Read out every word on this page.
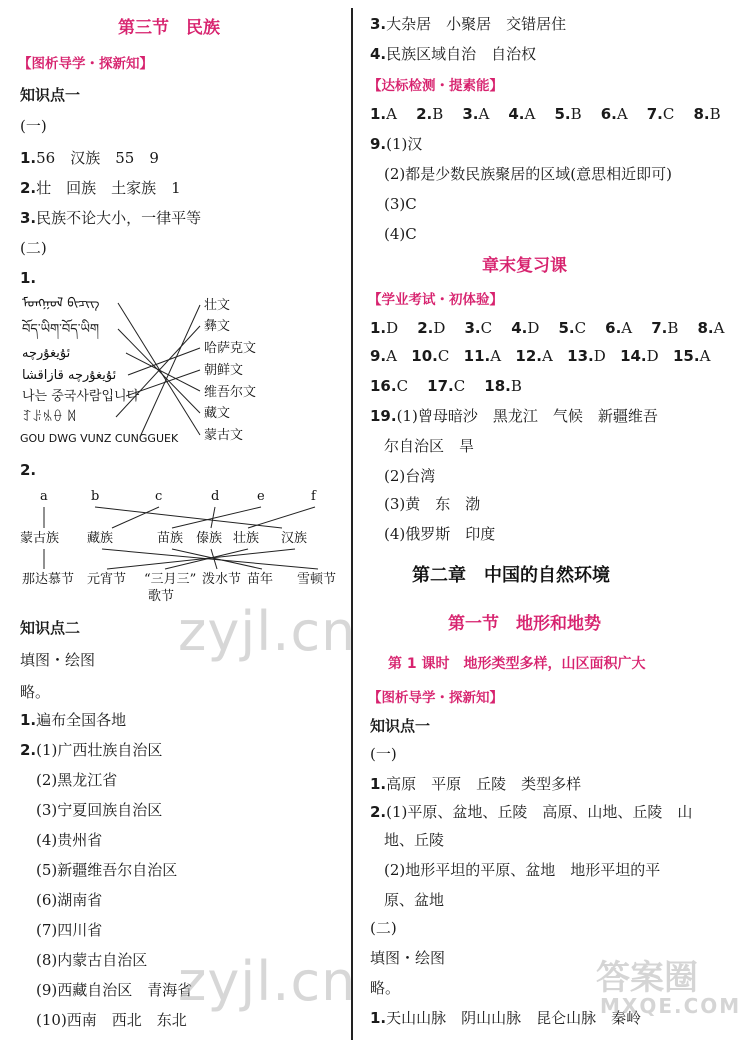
第三节　民族
【图析导学・探新知】
知识点一
(一)
1.56　汉族　55　9
2.壮　回族　土家族　1
3.民族不论大小，一律平等
(二)
1.
ᠮᠣᠩᠭᠣᠯ ᠪᠢᠴᠢᠭ
བོད་ཡིག་བོད་ཡིག
ئۇيغۇرچە
ئۇيغۇرچە قازاقشا
나는 중국사람입니다
ꆈꌠꁱꂷ ꉙ
GOU DWG VUNZ CUNGGUEK
壮文
彝文
哈萨克文
朝鲜文
维吾尔文
藏文
蒙古文
2.
a	b	c	d	e	f
蒙古族 藏族	苗族 傣族 壮族 汉族
那达慕节 元宵节 “三月三” 泼水节 苗年 雪顿节
歌节
知识点二
填图・绘图
略。
1.遍布全国各地
2.(1)广西壮族自治区
(2)黑龙江省
(3)宁夏回族自治区
(4)贵州省
(5)新疆维吾尔自治区
(6)湖南省
(7)四川省
(8)内蒙古自治区
(9)西藏自治区　青海省
(10)西南　西北　东北
3.大杂居　小聚居　交错居住
4.民族区域自治　自治权
【达标检测・提素能】
1.A 2.B 3.A 4.A 5.B 6.A 7.C 8.B
9.(1)汉
(2)都是少数民族聚居的区域(意思相近即可)
(3)C
(4)C
章末复习课
【学业考试・初体验】
1.D 2.D 3.C 4.D 5.C 6.A 7.B 8.A
9.A 10.C 11.A 12.A 13.D 14.D 15.A
16.C 17.C 18.B
19.(1)曾母暗沙　黑龙江　气候　新疆维吾
尔自治区　旱
(2)台湾
(3)黄　东　渤
(4)俄罗斯　印度
第二章　中国的自然环境
第一节　地形和地势
第 1 课时　地形类型多样，山区面积广大
【图析导学・探新知】
知识点一
(一)
1.高原　平原　丘陵　类型多样
2.(1)平原、盆地、丘陵　高原、山地、丘陵　山
地、丘陵
(2)地形平坦的平原、盆地　地形平坦的平
原、盆地
(二)
填图・绘图
略。
1.天山山脉　阴山山脉　昆仑山脉　秦岭
zyjl.cn
zyjl.cn	答案圈
MXQE.COM
